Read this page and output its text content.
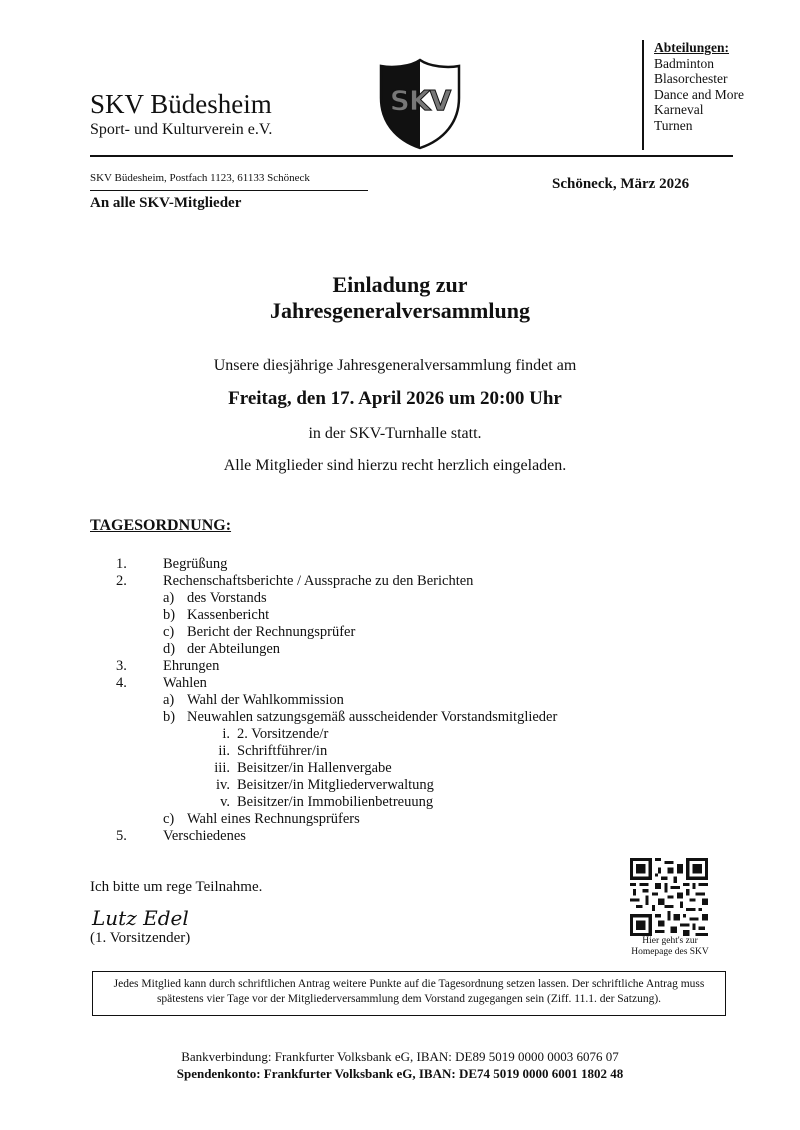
SKV Büdesheim
Sport- und Kulturverein e.V.
SKV
Abteilungen:
Badminton
Blasorchester
Dance and More
Karneval
Turnen
SKV Büdesheim, Postfach 1123, 61133 Schöneck	Schöneck, März 2026
An alle SKV-Mitglieder
Einladung zur
Jahresgeneralversammlung
Unsere diesjährige Jahresgeneralversammlung findet am
Freitag, den 17. April 2026 um 20:00 Uhr
in der SKV-Turnhalle statt.
Alle Mitglieder sind hierzu recht herzlich eingeladen.
TAGESORDNUNG:
1. Begrüßung
2. Rechenschaftsberichte / Aussprache zu den Berichten
a) des Vorstands
b) Kassenbericht
c) Bericht der Rechnungsprüfer
d) der Abteilungen
3. Ehrungen
4. Wahlen
a) Wahl der Wahlkommission
b) Neuwahlen satzungsgemäß ausscheidender Vorstandsmitglieder
i. 2. Vorsitzende/r
ii. Schriftführer/in
iii. Beisitzer/in Hallenvergabe
iv. Beisitzer/in Mitgliederverwaltung
v. Beisitzer/in Immobilienbetreuung
c) Wahl eines Rechnungsprüfers
5. Verschiedenes
Ich bitte um rege Teilnahme.
Lutz Edel
(1. Vorsitzender)	Hier geht's zur
Homepage des SKV
Jedes Mitglied kann durch schriftlichen Antrag weitere Punkte auf die Tagesordnung setzen lassen. Der schriftliche Antrag muss spätestens vier Tage vor der Mitgliederversammlung dem Vorstand zugegangen sein (Ziff. 11.1. der Satzung).
Bankverbindung: Frankfurter Volksbank eG, IBAN: DE89 5019 0000 0003 6076 07
Spendenkonto: Frankfurter Volksbank eG, IBAN: DE74 5019 0000 6001 1802 48
